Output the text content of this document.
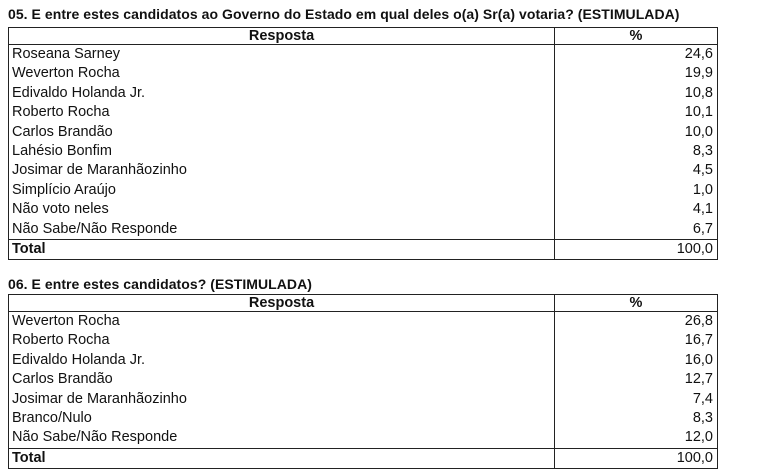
05. E entre estes candidatos ao Governo do Estado em qual deles o(a) Sr(a) votaria? (ESTIMULADA)
Resposta	%
Roseana Sarney	24,6
Weverton Rocha	19,9
Edivaldo Holanda Jr.	10,8
Roberto Rocha	10,1
Carlos Brandão	10,0
Lahésio Bonfim	8,3
Josimar de Maranhãozinho	4,5
Simplício Araújo	1,0
Não voto neles	4,1
Não Sabe/Não Responde	6,7
Total	100,0
06. E entre estes candidatos? (ESTIMULADA)
Resposta	%
Weverton Rocha	26,8
Roberto Rocha	16,7
Edivaldo Holanda Jr.	16,0
Carlos Brandão	12,7
Josimar de Maranhãozinho	7,4
Branco/Nulo	8,3
Não Sabe/Não Responde	12,0
Total	100,0
